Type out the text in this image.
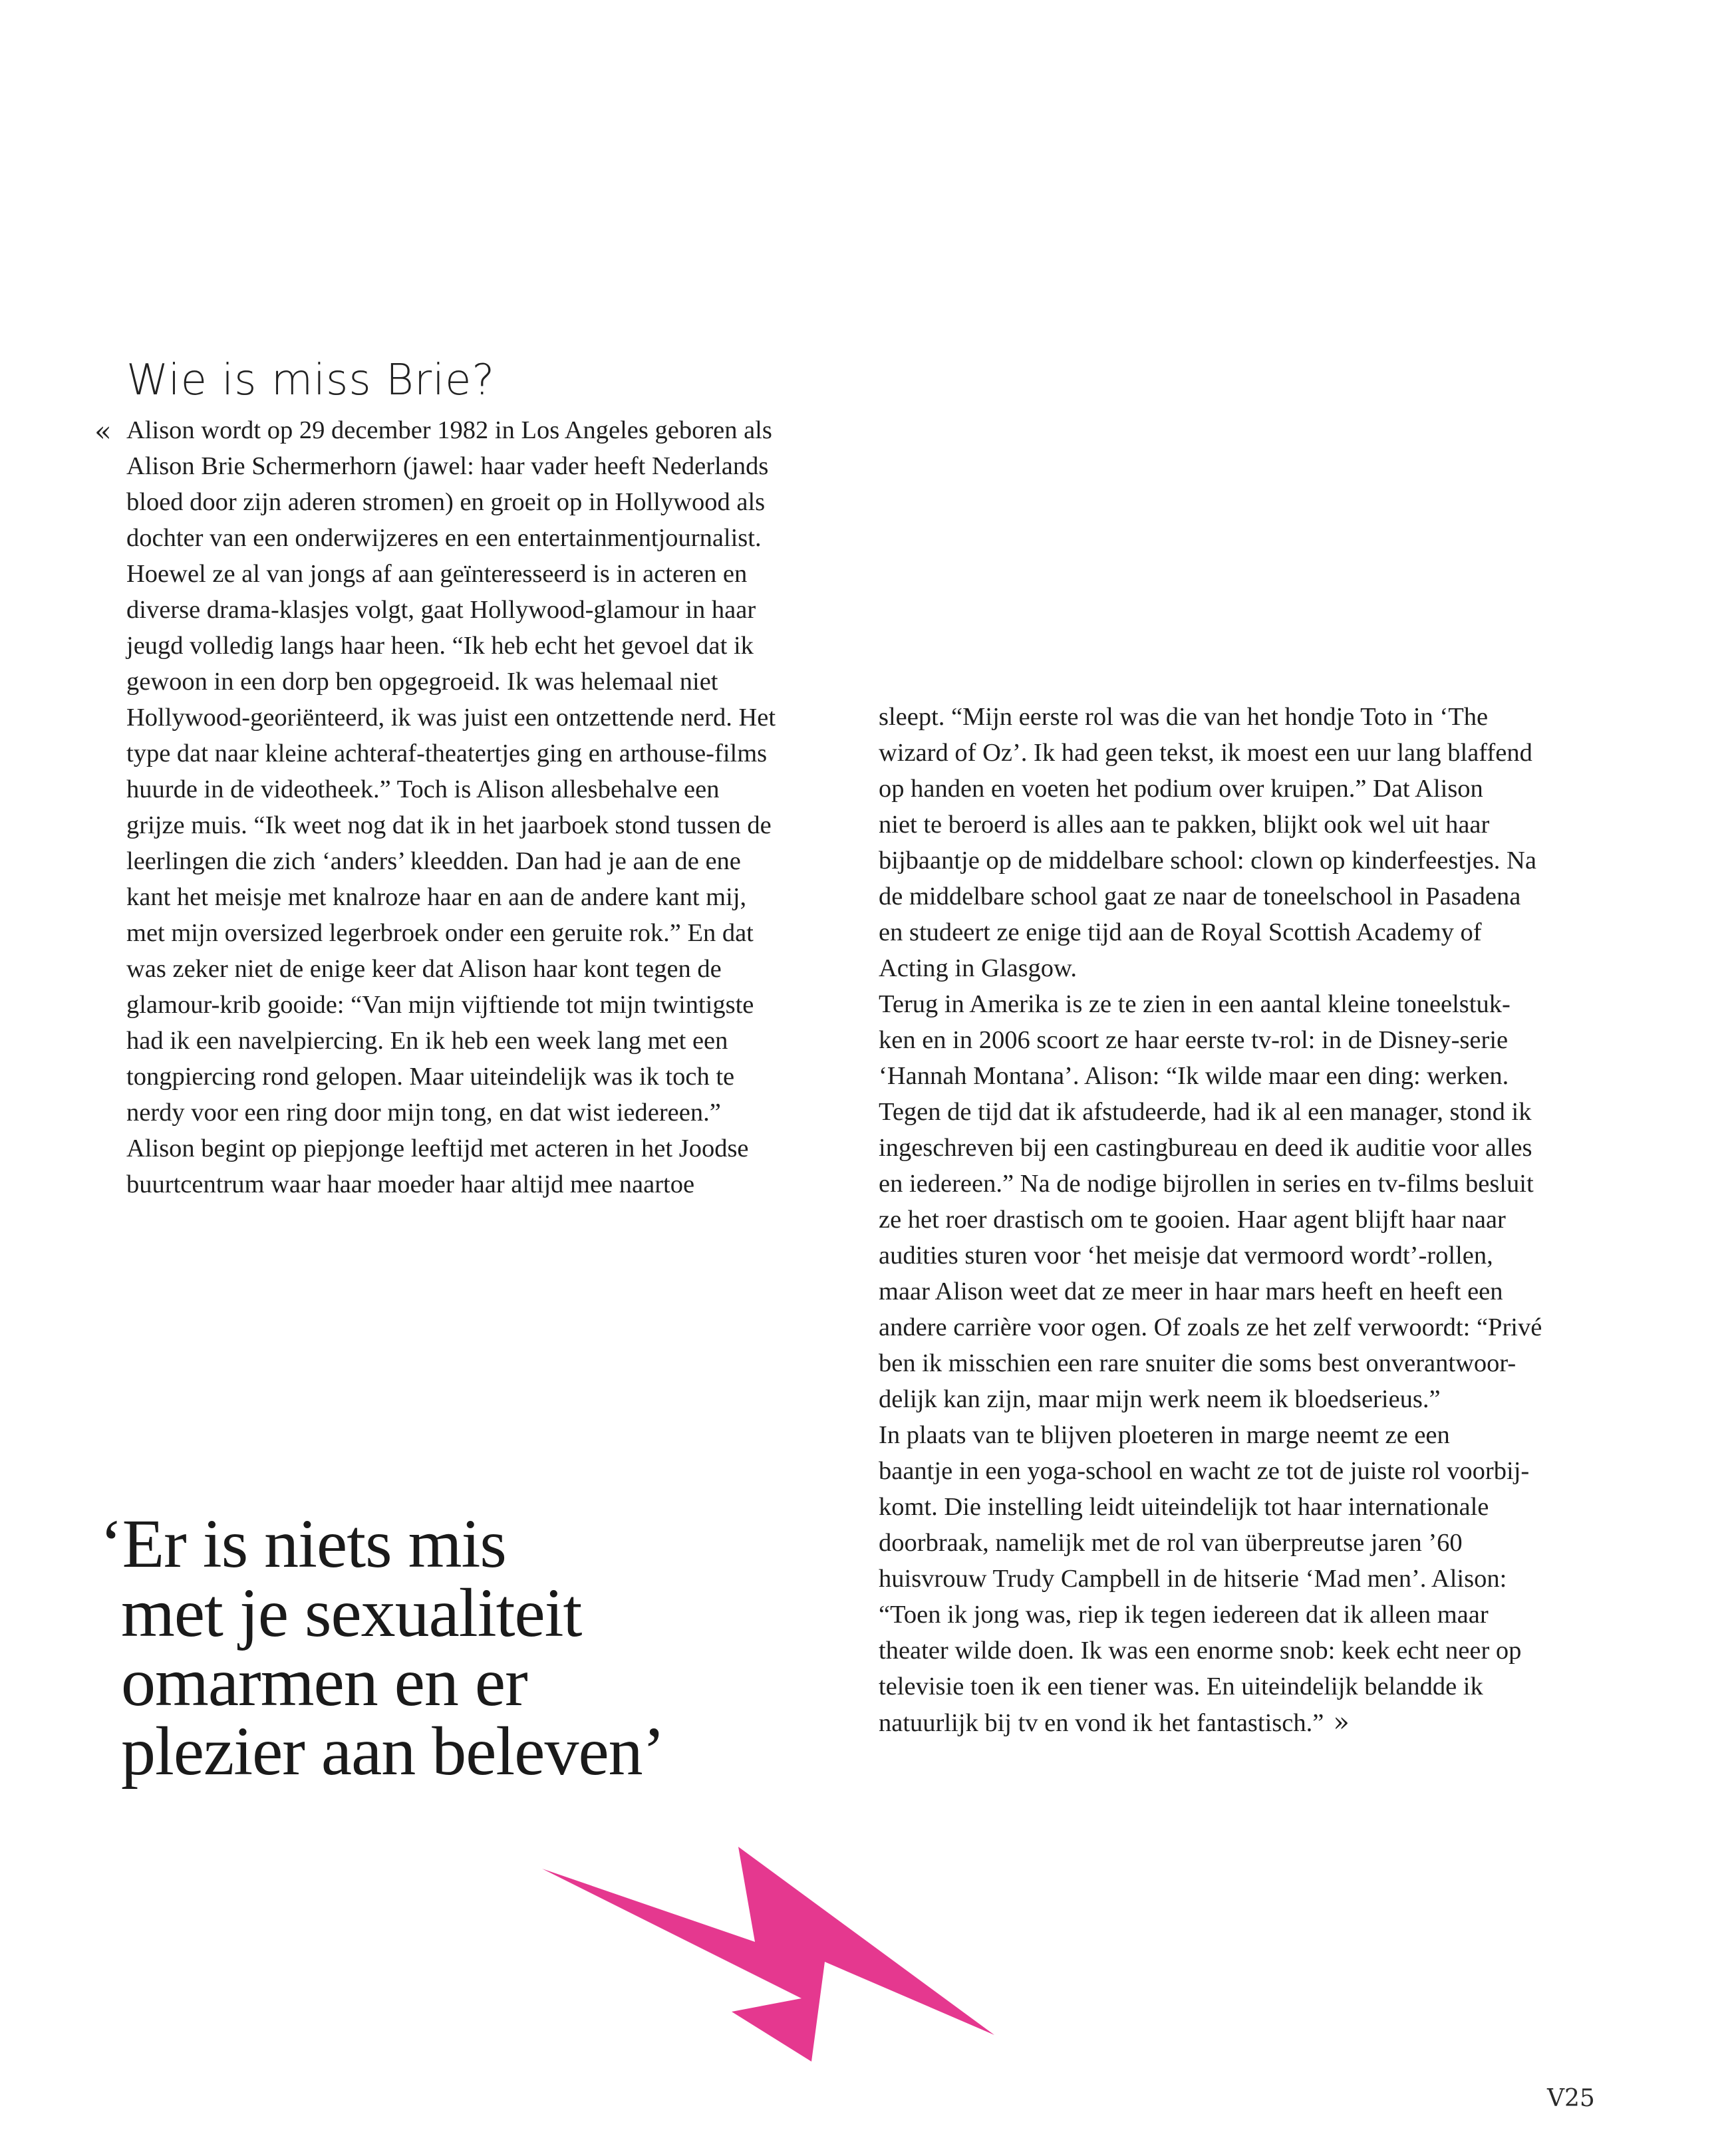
Wie is miss Brie?
« Alison wordt op 29 december 1982 in Los Angeles geboren als
Alison Brie Schermerhorn (jawel: haar vader heeft Nederlands
bloed door zijn aderen stromen) en groeit op in Hollywood als
dochter van een onderwijzeres en een entertainmentjournalist.
Hoewel ze al van jongs af aan geïnteresseerd is in acteren en
diverse drama-klasjes volgt, gaat Hollywood-glamour in haar
jeugd volledig langs haar heen. “Ik heb echt het gevoel dat ik
gewoon in een dorp ben opgegroeid. Ik was helemaal niet
Hollywood-georiënteerd, ik was juist een ontzettende nerd. Het
type dat naar kleine achteraf-theatertjes ging en arthouse-films
huurde in de videotheek.” Toch is Alison allesbehalve een
grijze muis. “Ik weet nog dat ik in het jaarboek stond tussen de
leerlingen die zich ‘anders’ kleedden. Dan had je aan de ene
kant het meisje met knalroze haar en aan de andere kant mij,
met mijn oversized legerbroek onder een geruite rok.” En dat
was zeker niet de enige keer dat Alison haar kont tegen de
glamour-krib gooide: “Van mijn vijftiende tot mijn twintigste
had ik een navelpiercing. En ik heb een week lang met een
tongpiercing rond gelopen. Maar uiteindelijk was ik toch te
nerdy voor een ring door mijn tong, en dat wist iedereen.”
Alison begint op piepjonge leeftijd met acteren in het Joodse
buurtcentrum waar haar moeder haar altijd mee naartoe
sleept. “Mijn eerste rol was die van het hondje Toto in ‘The
wizard of Oz’. Ik had geen tekst, ik moest een uur lang blaffend
op handen en voeten het podium over kruipen.” Dat Alison
niet te beroerd is alles aan te pakken, blijkt ook wel uit haar
bijbaantje op de middelbare school: clown op kinderfeestjes. Na
de middelbare school gaat ze naar de toneelschool in Pasadena
en studeert ze enige tijd aan de Royal Scottish Academy of
Acting in Glasgow.
Terug in Amerika is ze te zien in een aantal kleine toneelstuk-
ken en in 2006 scoort ze haar eerste tv-rol: in de Disney-serie
‘Hannah Montana’. Alison: “Ik wilde maar een ding: werken.
Tegen de tijd dat ik afstudeerde, had ik al een manager, stond ik
ingeschreven bij een castingbureau en deed ik auditie voor alles
en iedereen.” Na de nodige bijrollen in series en tv-films besluit
ze het roer drastisch om te gooien. Haar agent blijft haar naar
audities sturen voor ‘het meisje dat vermoord wordt’-rollen,
maar Alison weet dat ze meer in haar mars heeft en heeft een
andere carrière voor ogen. Of zoals ze het zelf verwoordt: “Privé
ben ik misschien een rare snuiter die soms best onverantwoor-
delijk kan zijn, maar mijn werk neem ik bloedserieus.”
In plaats van te blijven ploeteren in marge neemt ze een
baantje in een yoga-school en wacht ze tot de juiste rol voorbij-
komt. Die instelling leidt uiteindelijk tot haar internationale
doorbraak, namelijk met de rol van überpreutse jaren ’60
huisvrouw Trudy Campbell in de hitserie ‘Mad men’. Alison:
“Toen ik jong was, riep ik tegen iedereen dat ik alleen maar
theater wilde doen. Ik was een enorme snob: keek echt neer op
televisie toen ik een tiener was. En uiteindelijk belandde ik
natuurlijk bij tv en vond ik het fantastisch.” »
‘Er is niets mis
met je sexualiteit
omarmen en er
plezier aan beleven’
V25
